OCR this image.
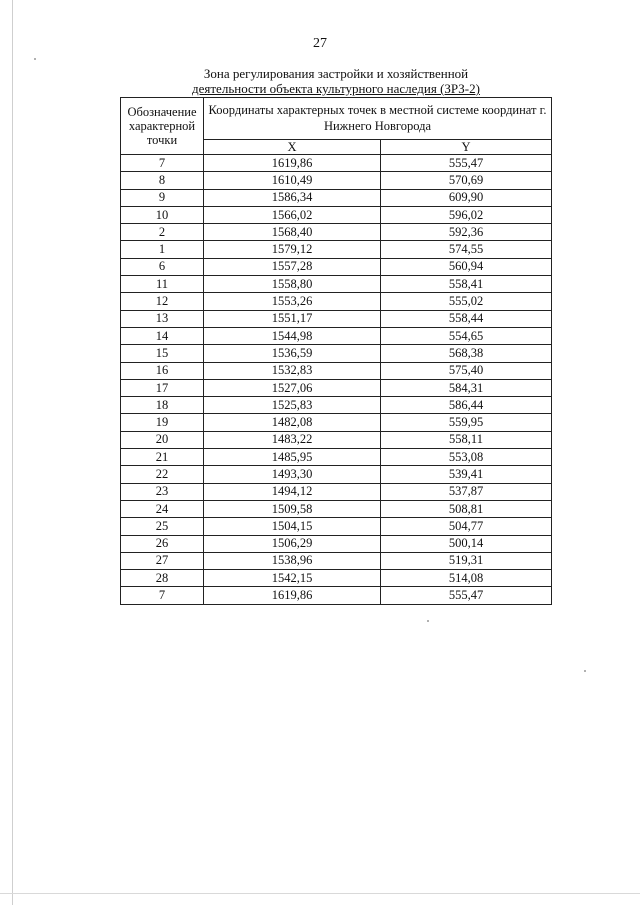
27
Зона регулирования застройки и хозяйственной
деятельности объекта культурного наследия (ЗРЗ-2)
Обозначение характерной точки	Координаты характерных точек в местной системе координат г. Нижнего Новгорода	
	X	Y
7	1619,86	555,47
8	1610,49	570,69
9	1586,34	609,90
10	1566,02	596,02
2	1568,40	592,36
1	1579,12	574,55
6	1557,28	560,94
11	1558,80	558,41
12	1553,26	555,02
13	1551,17	558,44
14	1544,98	554,65
15	1536,59	568,38
16	1532,83	575,40
17	1527,06	584,31
18	1525,83	586,44
19	1482,08	559,95
20	1483,22	558,11
21	1485,95	553,08
22	1493,30	539,41
23	1494,12	537,87
24	1509,58	508,81
25	1504,15	504,77
26	1506,29	500,14
27	1538,96	519,31
28	1542,15	514,08
7	1619,86	555,47
